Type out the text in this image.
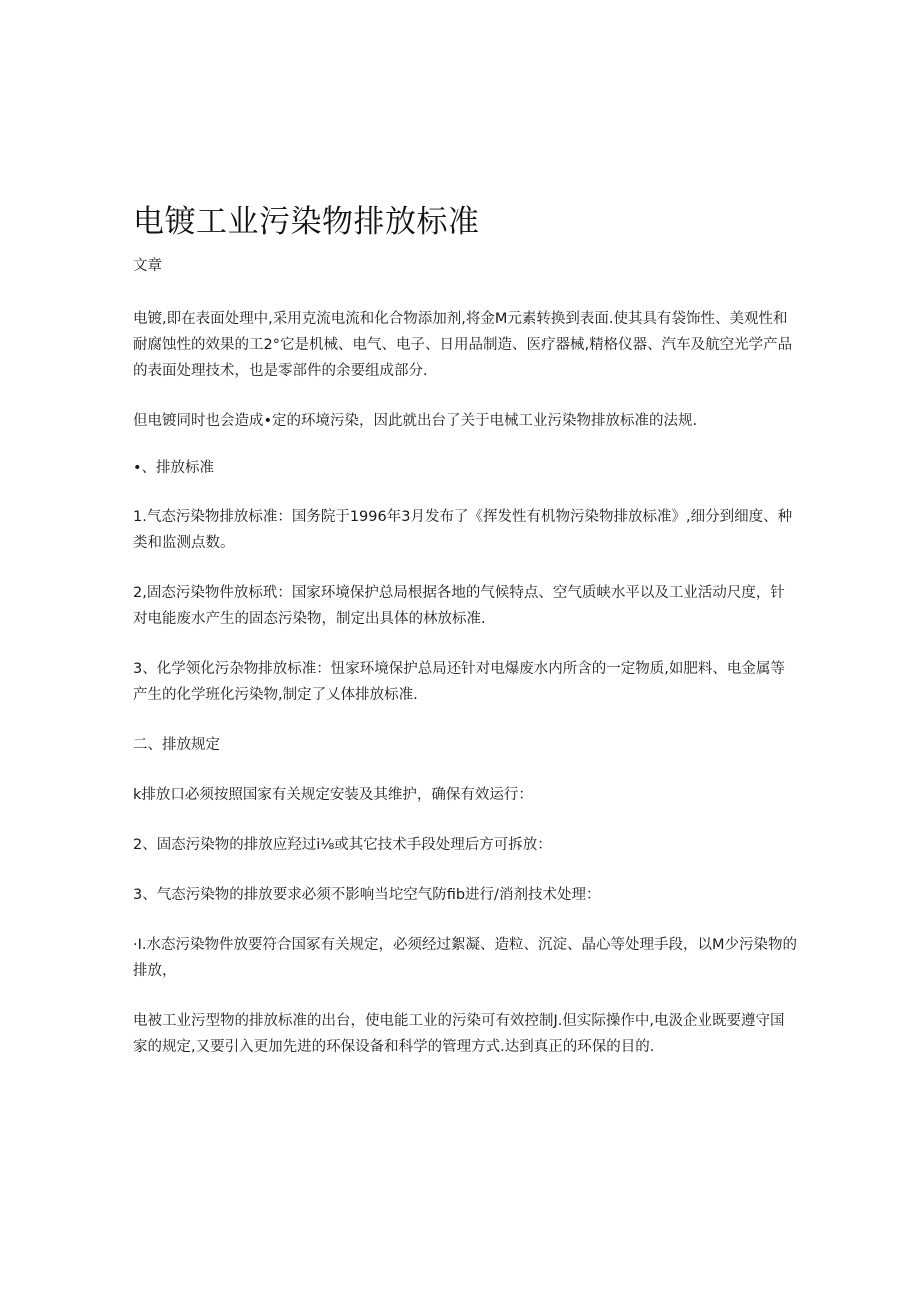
电镀工业污染物排放标准
文章

电镀,即在表面处理中,采用克流电流和化合物添加剂,将金M元素转换到表面.使其具有袋饰性、美观性和耐腐蚀性的效果的工2°它是机械、电气、电子、日用品制造、医疗器械,精格仪器、汽车及航空光学产品的表面处理技术，也是零部件的余要组成部分.

但电镀同时也会造成•定的环境污染，因此就出台了关于电械工业污染物排放标准的法规.

•、排放标准

1.气态污染物排放标准：国务院于1996年3月发布了《挥发性有机物污染物排放标准》,细分到细度、种类和监测点数。

2,固态污染物件放标玳：国家环境保护总局根据各地的气候特点、空气质峡水平以及工业活动尺度，针对电能废水产生的固态污染物，制定出具体的林放标准.

3、化学领化污杂物排放标准：忸家环境保护总局还针对电爆废水内所含的一定物质,如肥料、电金属等产生的化学班化污染物,制定了乂体排放标准.

二、排放规定

k排放口必须按照国家有关规定安装及其维护，确保有效运行：

2、固态污染物的排放应羟过i⅛或其它技术手段处理后方可拆放：

3、气态污染物的排放要求必须不影响当坨空气防fib进行/消剂技术处理：

·I.水态污染物件放要符合国冢有关规定，必须经过絮凝、造粒、沉淀、晶心等处理手段，以M少污染物的排放，

电被工业污型物的排放标准的出台，使电能工业的污染可有效控制J.但实际操作中,电汲企业既要遵守国家的规定,又要引入更加先进的环保设备和科学的管理方式.达到真正的环保的目的.
